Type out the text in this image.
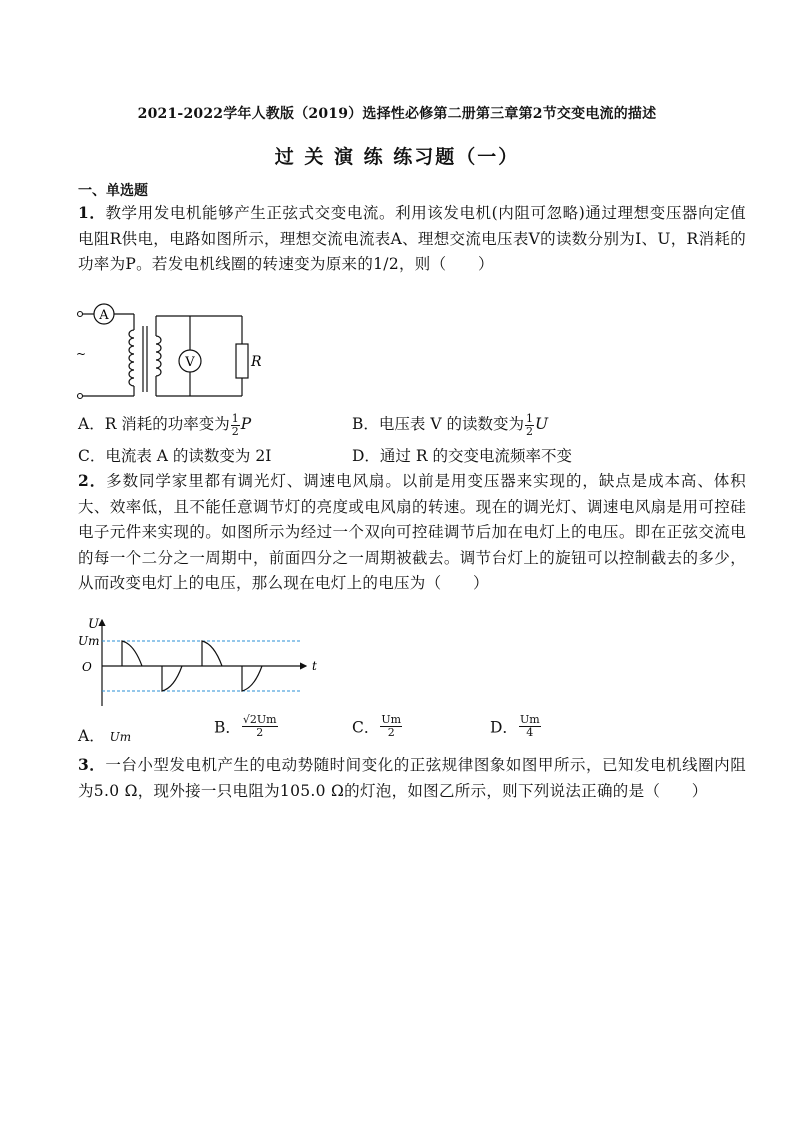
2021-2022学年人教版（2019）选择性必修第二册第三章第2节交变电流的描述
过 关 演 练 练习题（一）
一、单选题
1．教学用发电机能够产生正弦式交变电流。利用该发电机(内阻可忽略)通过理想变压器向定值电阻R供电，电路如图所示，理想交流电流表A、理想交流电压表V的读数分别为I、U，R消耗的功率为P。若发电机线圈的转速变为原来的1/2，则（　　）
A
~
V	R
A．R 消耗的功率变为 $\frac{1}{2}$ P	B．电压表 V 的读数变为 $\frac{1}{2}$ U
C．电流表 A 的读数变为 2I	D．通过 R 的交变电流频率不变
2．多数同学家里都有调光灯、调速电风扇。以前是用变压器来实现的，缺点是成本高、体积大、效率低，且不能任意调节灯的亮度或电风扇的转速。现在的调光灯、调速电风扇是用可控硅电子元件来实现的。如图所示为经过一个双向可控硅调节后加在电灯上的电压。即在正弦交流电的每一个二分之一周期中，前面四分之一周期被截去。调节台灯上的旋钮可以控制截去的多少，从而改变电灯上的电压，那么现在电灯上的电压为（　　）
U
Um
O	t
A． Um
B． $\frac{√2Um}{2}$	C． $\frac{Um}{2}$	D． $\frac{Um}{4}$
3．一台小型发电机产生的电动势随时间变化的正弦规律图象如图甲所示，已知发电机线圈内阻为5.0 Ω，现外接一只电阻为105.0 Ω的灯泡，如图乙所示，则下列说法正确的是（　　）
